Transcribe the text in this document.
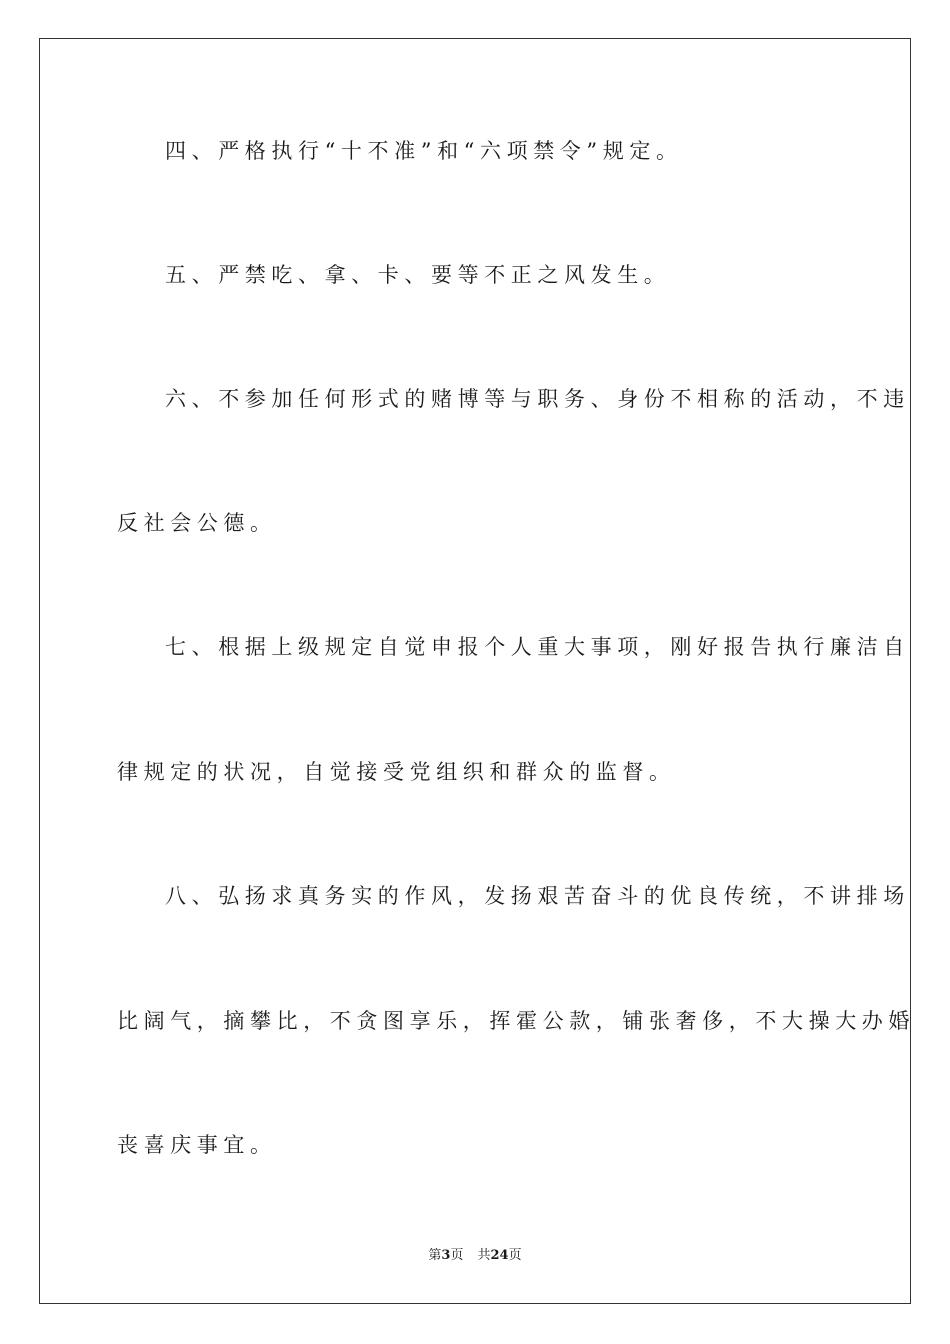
四、严格执行“十不准”和“六项禁令”规定。

五、严禁吃、拿、卡、要等不正之风发生。

六、不参加任何形式的赌博等与职务、身份不相称的活动，不违

反社会公德。

七、根据上级规定自觉申报个人重大事项，刚好报告执行廉洁自

律规定的状况，自觉接受党组织和群众的监督。

八、弘扬求真务实的作风，发扬艰苦奋斗的优良传统，不讲排场

比阔气，摘攀比，不贪图享乐，挥霍公款，铺张奢侈，不大操大办婚

丧喜庆事宜。

第3页 共24页
